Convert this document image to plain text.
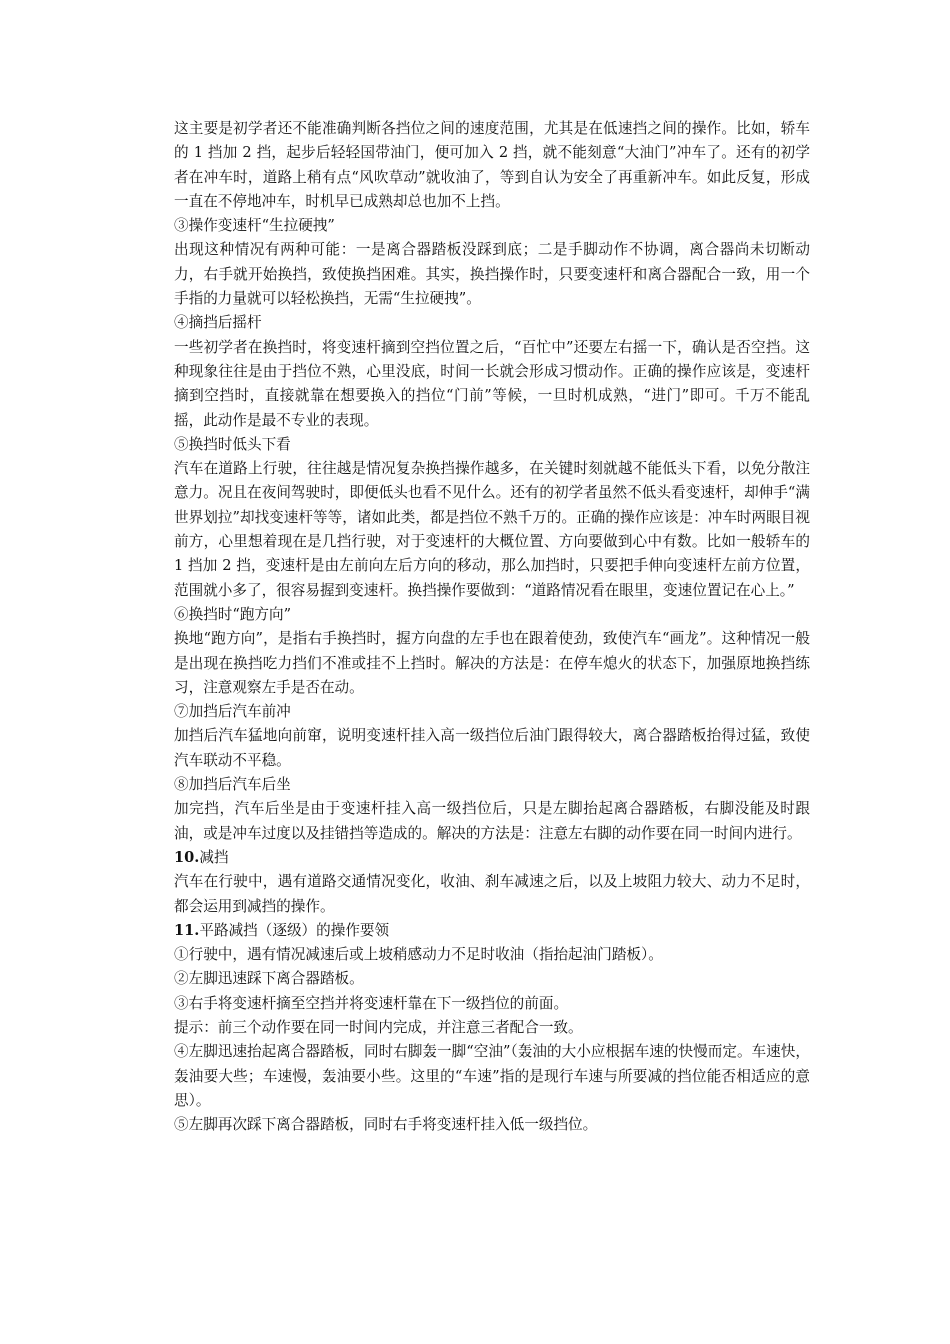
这主要是初学者还不能准确判断各挡位之间的速度范围，尤其是在低速挡之间的操作。比如，轿车的 1 挡加 2 挡，起步后轻轻国带油门，便可加入 2 挡，就不能刻意“大油门”冲车了。还有的初学者在冲车时，道路上稍有点“风吹草动”就收油了，等到自认为安全了再重新冲车。如此反复，形成一直在不停地冲车，时机早已成熟却总也加不上挡。

③操作变速杆“生拉硬拽”

出现这种情况有两种可能：一是离合器踏板没踩到底；二是手脚动作不协调，离合器尚未切断动力，右手就开始换挡，致使换挡困难。其实，换挡操作时，只要变速杆和离合器配合一致，用一个手指的力量就可以轻松换挡，无需“生拉硬拽”。

④摘挡后摇杆

一些初学者在换挡时，将变速杆摘到空挡位置之后，“百忙中”还要左右摇一下，确认是否空挡。这种现象往往是由于挡位不熟，心里没底，时间一长就会形成习惯动作。正确的操作应该是，变速杆摘到空挡时，直接就靠在想要换入的挡位“门前”等候，一旦时机成熟，“进门”即可。千万不能乱摇，此动作是最不专业的表现。

⑤换挡时低头下看

汽车在道路上行驶，往往越是情况复杂换挡操作越多，在关键时刻就越不能低头下看，以免分散注意力。况且在夜间驾驶时，即便低头也看不见什么。还有的初学者虽然不低头看变速杆，却伸手“满世界划拉”却找变速杆等等，诸如此类，都是挡位不熟千万的。正确的操作应该是：冲车时两眼目视前方，心里想着现在是几挡行驶，对于变速杆的大概位置、方向要做到心中有数。比如一般轿车的 1 挡加 2 挡，变速杆是由左前向左后方向的移动，那么加挡时，只要把手伸向变速杆左前方位置，范围就小多了，很容易握到变速杆。换挡操作要做到：“道路情况看在眼里，变速位置记在心上。”

⑥换挡时“跑方向”

换地“跑方向”，是指右手换挡时，握方向盘的左手也在跟着使劲，致使汽车“画龙”。这种情况一般是出现在换挡吃力挡们不准或挂不上挡时。解决的方法是：在停车熄火的状态下，加强原地换挡练习，注意观察左手是否在动。

⑦加挡后汽车前冲

加挡后汽车猛地向前窜，说明变速杆挂入高一级挡位后油门跟得较大，离合器踏板抬得过猛，致使汽车联动不平稳。

⑧加挡后汽车后坐

加完挡，汽车后坐是由于变速杆挂入高一级挡位后，只是左脚抬起离合器踏板，右脚没能及时跟油，或是冲车过度以及挂错挡等造成的。解决的方法是：注意左右脚的动作要在同一时间内进行。

10.减挡

汽车在行驶中，遇有道路交通情况变化，收油、刹车减速之后，以及上坡阻力较大、动力不足时，都会运用到减挡的操作。

11.平路减挡（逐级）的操作要领

①行驶中，遇有情况减速后或上坡稍感动力不足时收油（指抬起油门踏板）。

②左脚迅速踩下离合器踏板。

③右手将变速杆摘至空挡并将变速杆靠在下一级挡位的前面。

提示：前三个动作要在同一时间内完成，并注意三者配合一致。

④左脚迅速抬起离合器踏板，同时右脚轰一脚“空油”（轰油的大小应根据车速的快慢而定。车速快，轰油要大些；车速慢，轰油要小些。这里的“车速”指的是现行车速与所要减的挡位能否相适应的意思）。

⑤左脚再次踩下离合器踏板，同时右手将变速杆挂入低一级挡位。
